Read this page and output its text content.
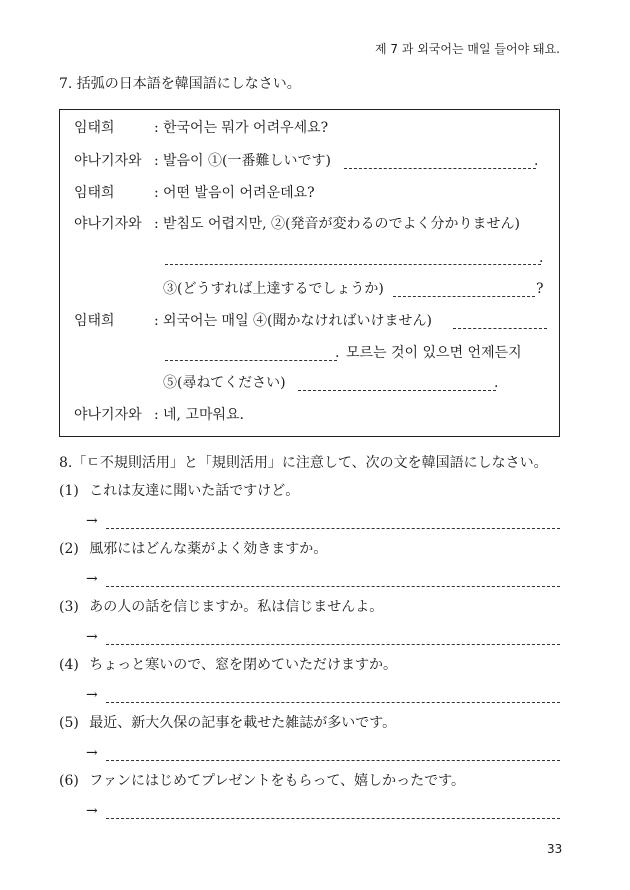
제 7 과 외국어는 매일 들어야 돼요.
7. 括弧の日本語を韓国語にしなさい。
임태희	: 한국어는 뭐가 어려우세요?
야나기자와 : 발음이 ①(一番難しいです)	.
임태희	: 어떤 발음이 어려운데요?
야나기자와 : 받침도 어렵지만, ②(発音が変わるのでよく分かりません)
.
③(どうすれば上達するでしょうか)	?
임태희	: 외국어는 매일 ④(聞かなければいけません)
. 모르는 것이 있으면 언제든지
⑤(尋ねてください)	.
야나기자와 : 네, 고마워요.
8.「ㄷ不規則活用」と「規則活用」に注意して、次の文を韓国語にしなさい。
(1) これは友達に聞いた話ですけど。
→
(2) 風邪にはどんな薬がよく効きますか。
→
(3) あの人の話を信じますか。私は信じませんよ。
→
(4) ちょっと寒いので、窓を閉めていただけますか。
→
(5) 最近、新大久保の記事を載せた雑誌が多いです。
→
(6) ファンにはじめてプレゼントをもらって、嬉しかったです。
→
33
